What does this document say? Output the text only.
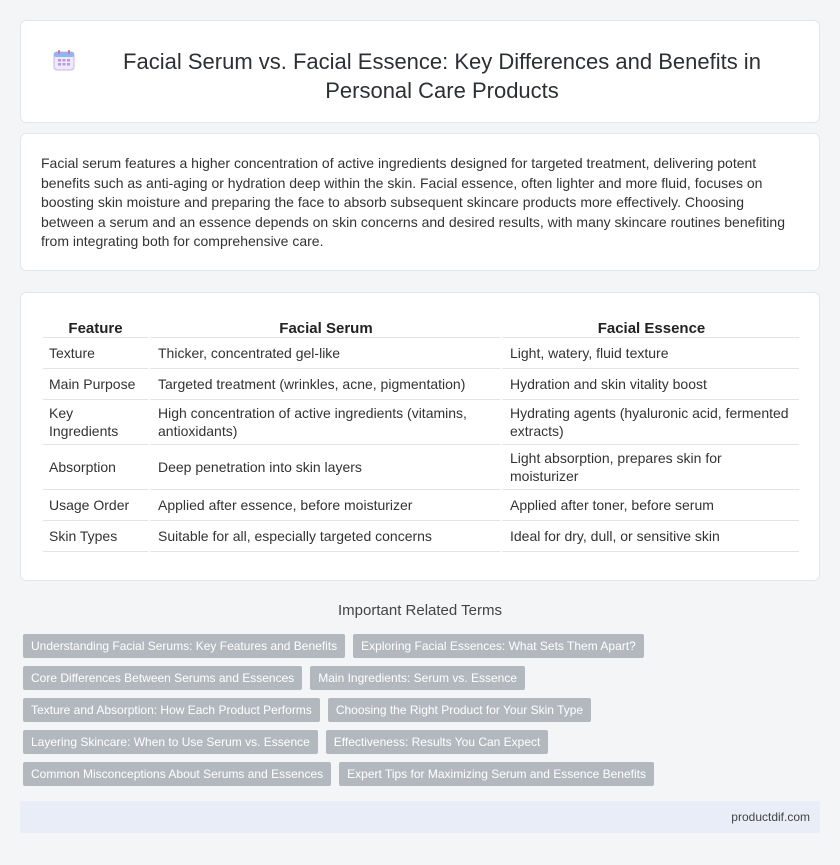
Facial Serum vs. Facial Essence: Key Differences and Benefits in Personal Care Products

Facial serum features a higher concentration of active ingredients designed for targeted treatment, delivering potent benefits such as anti-aging or hydration deep within the skin. Facial essence, often lighter and more fluid, focuses on boosting skin moisture and preparing the face to absorb subsequent skincare products more effectively. Choosing between a serum and an essence depends on skin concerns and desired results, with many skincare routines benefiting from integrating both for comprehensive care.

Feature	Facial Serum	Facial Essence
Texture	Thicker, concentrated gel-like	Light, watery, fluid texture
Main Purpose	Targeted treatment (wrinkles, acne, pigmentation)	Hydration and skin vitality boost
Key Ingredients	High concentration of active ingredients (vitamins, antioxidants)	Hydrating agents (hyaluronic acid, fermented extracts)
Absorption	Deep penetration into skin layers	Light absorption, prepares skin for moisturizer
Usage Order	Applied after essence, before moisturizer	Applied after toner, before serum
Skin Types	Suitable for all, especially targeted concerns	Ideal for dry, dull, or sensitive skin
Important Related Terms
Understanding Facial Serums: Key Features and Benefits	Exploring Facial Essences: What Sets Them Apart?
Core Differences Between Serums and Essences	Main Ingredients: Serum vs. Essence
Texture and Absorption: How Each Product Performs	Choosing the Right Product for Your Skin Type
Layering Skincare: When to Use Serum vs. Essence	Effectiveness: Results You Can Expect
Common Misconceptions About Serums and Essences	Expert Tips for Maximizing Serum and Essence Benefits
productdif.com
